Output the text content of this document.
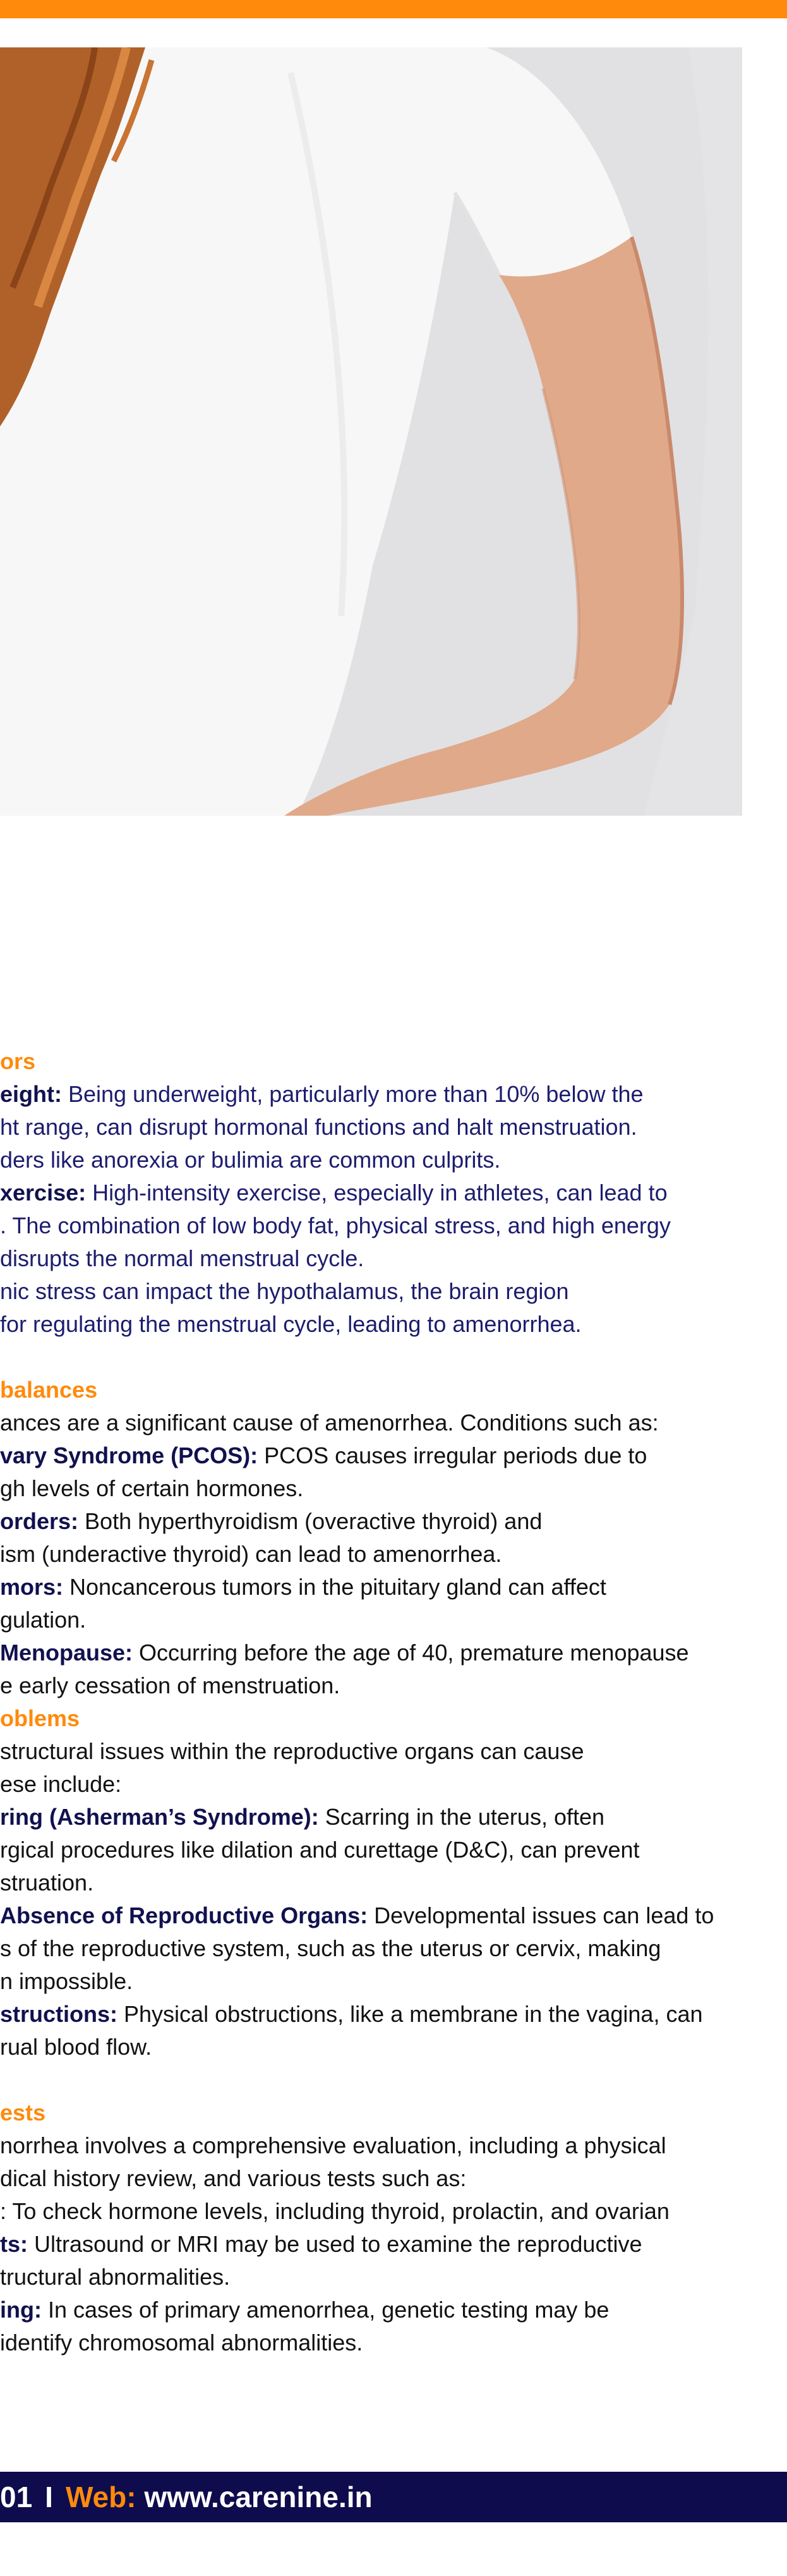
ors
eight: Being underweight, particularly more than 10% below the
ht range, can disrupt hormonal functions and halt menstruation.
ders like anorexia or bulimia are common culprits.
xercise: High-intensity exercise, especially in athletes, can lead to
. The combination of low body fat, physical stress, and high energy
disrupts the normal menstrual cycle.
nic stress can impact the hypothalamus, the brain region
for regulating the menstrual cycle, leading to amenorrhea.
balances
ances are a significant cause of amenorrhea. Conditions such as:
vary Syndrome (PCOS): PCOS causes irregular periods due to
gh levels of certain hormones.
orders: Both hyperthyroidism (overactive thyroid) and
ism (underactive thyroid) can lead to amenorrhea.
mors: Noncancerous tumors in the pituitary gland can affect
gulation.
Menopause: Occurring before the age of 40, premature menopause
e early cessation of menstruation.
oblems
structural issues within the reproductive organs can cause
ese include:
ring (Asherman’s Syndrome): Scarring in the uterus, often
rgical procedures like dilation and curettage (D&C), can prevent
struation.
Absence of Reproductive Organs: Developmental issues can lead to
s of the reproductive system, such as the uterus or cervix, making
n impossible.
structions: Physical obstructions, like a membrane in the vagina, can
rual blood flow.
ests
norrhea involves a comprehensive evaluation, including a physical
dical history review, and various tests such as:
: To check hormone levels, including thyroid, prolactin, and ovarian

ts: Ultrasound or MRI may be used to examine the reproductive
tructural abnormalities.
ing: In cases of primary amenorrhea, genetic testing may be
identify chromosomal abnormalities.
01 I Web: www.carenine.in
